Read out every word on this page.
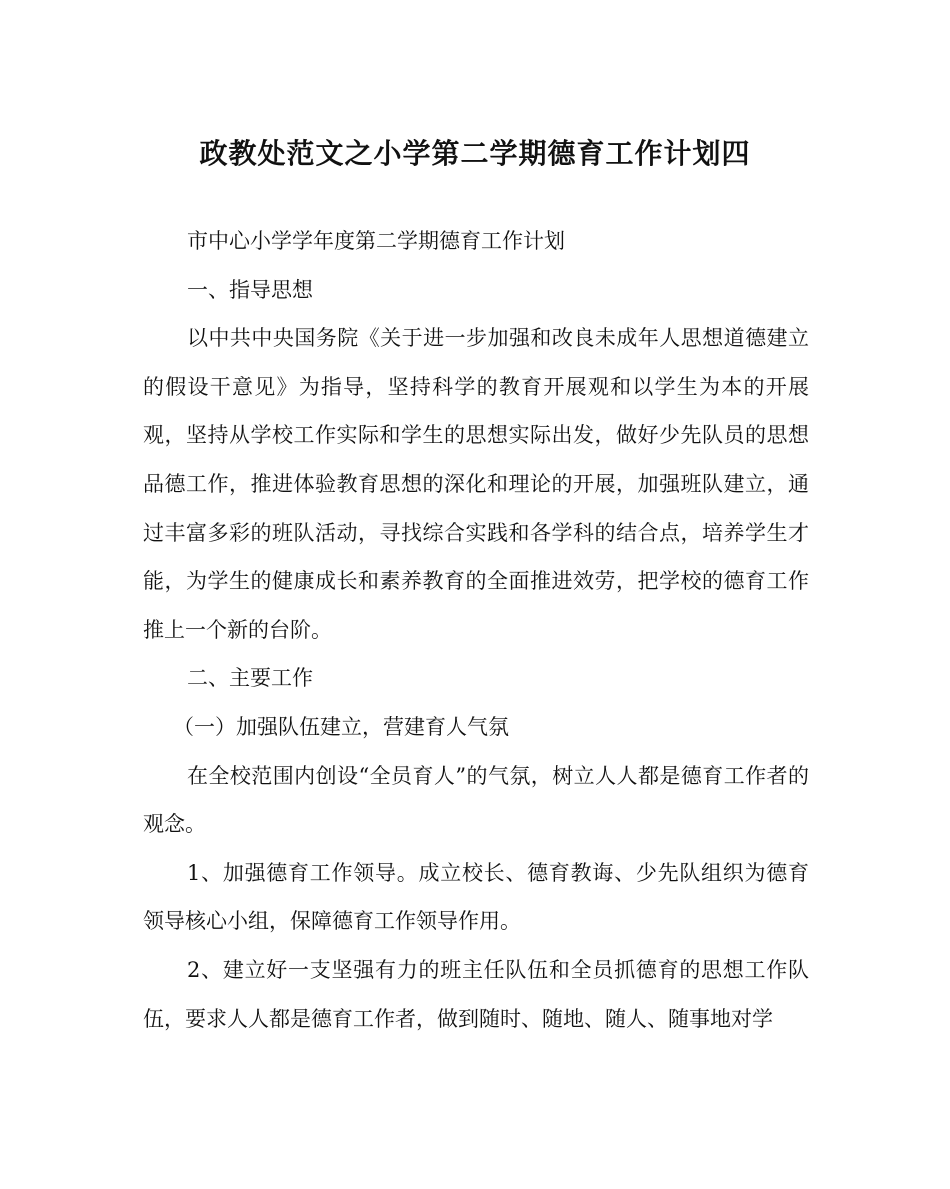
政教处范文之小学第二学期德育工作计划四

市中心小学学年度第二学期德育工作计划

一、指导思想

以中共中央国务院《关于进一步加强和改良未成年人思想道德建立的假设干意见》为指导，坚持科学的教育开展观和以学生为本的开展观，坚持从学校工作实际和学生的思想实际出发，做好少先队员的思想品德工作，推进体验教育思想的深化和理论的开展，加强班队建立，通过丰富多彩的班队活动，寻找综合实践和各学科的结合点，培养学生才能，为学生的健康成长和素养教育的全面推进效劳，把学校的德育工作推上一个新的台阶。

二、主要工作

（一）加强队伍建立，营建育人气氛

在全校范围内创设“全员育人”的气氛，树立人人都是德育工作者的观念。

1、加强德育工作领导。成立校长、德育教诲、少先队组织为德育领导核心小组，保障德育工作领导作用。

2、建立好一支坚强有力的班主任队伍和全员抓德育的思想工作队伍，要求人人都是德育工作者，做到随时、随地、随人、随事地对学
